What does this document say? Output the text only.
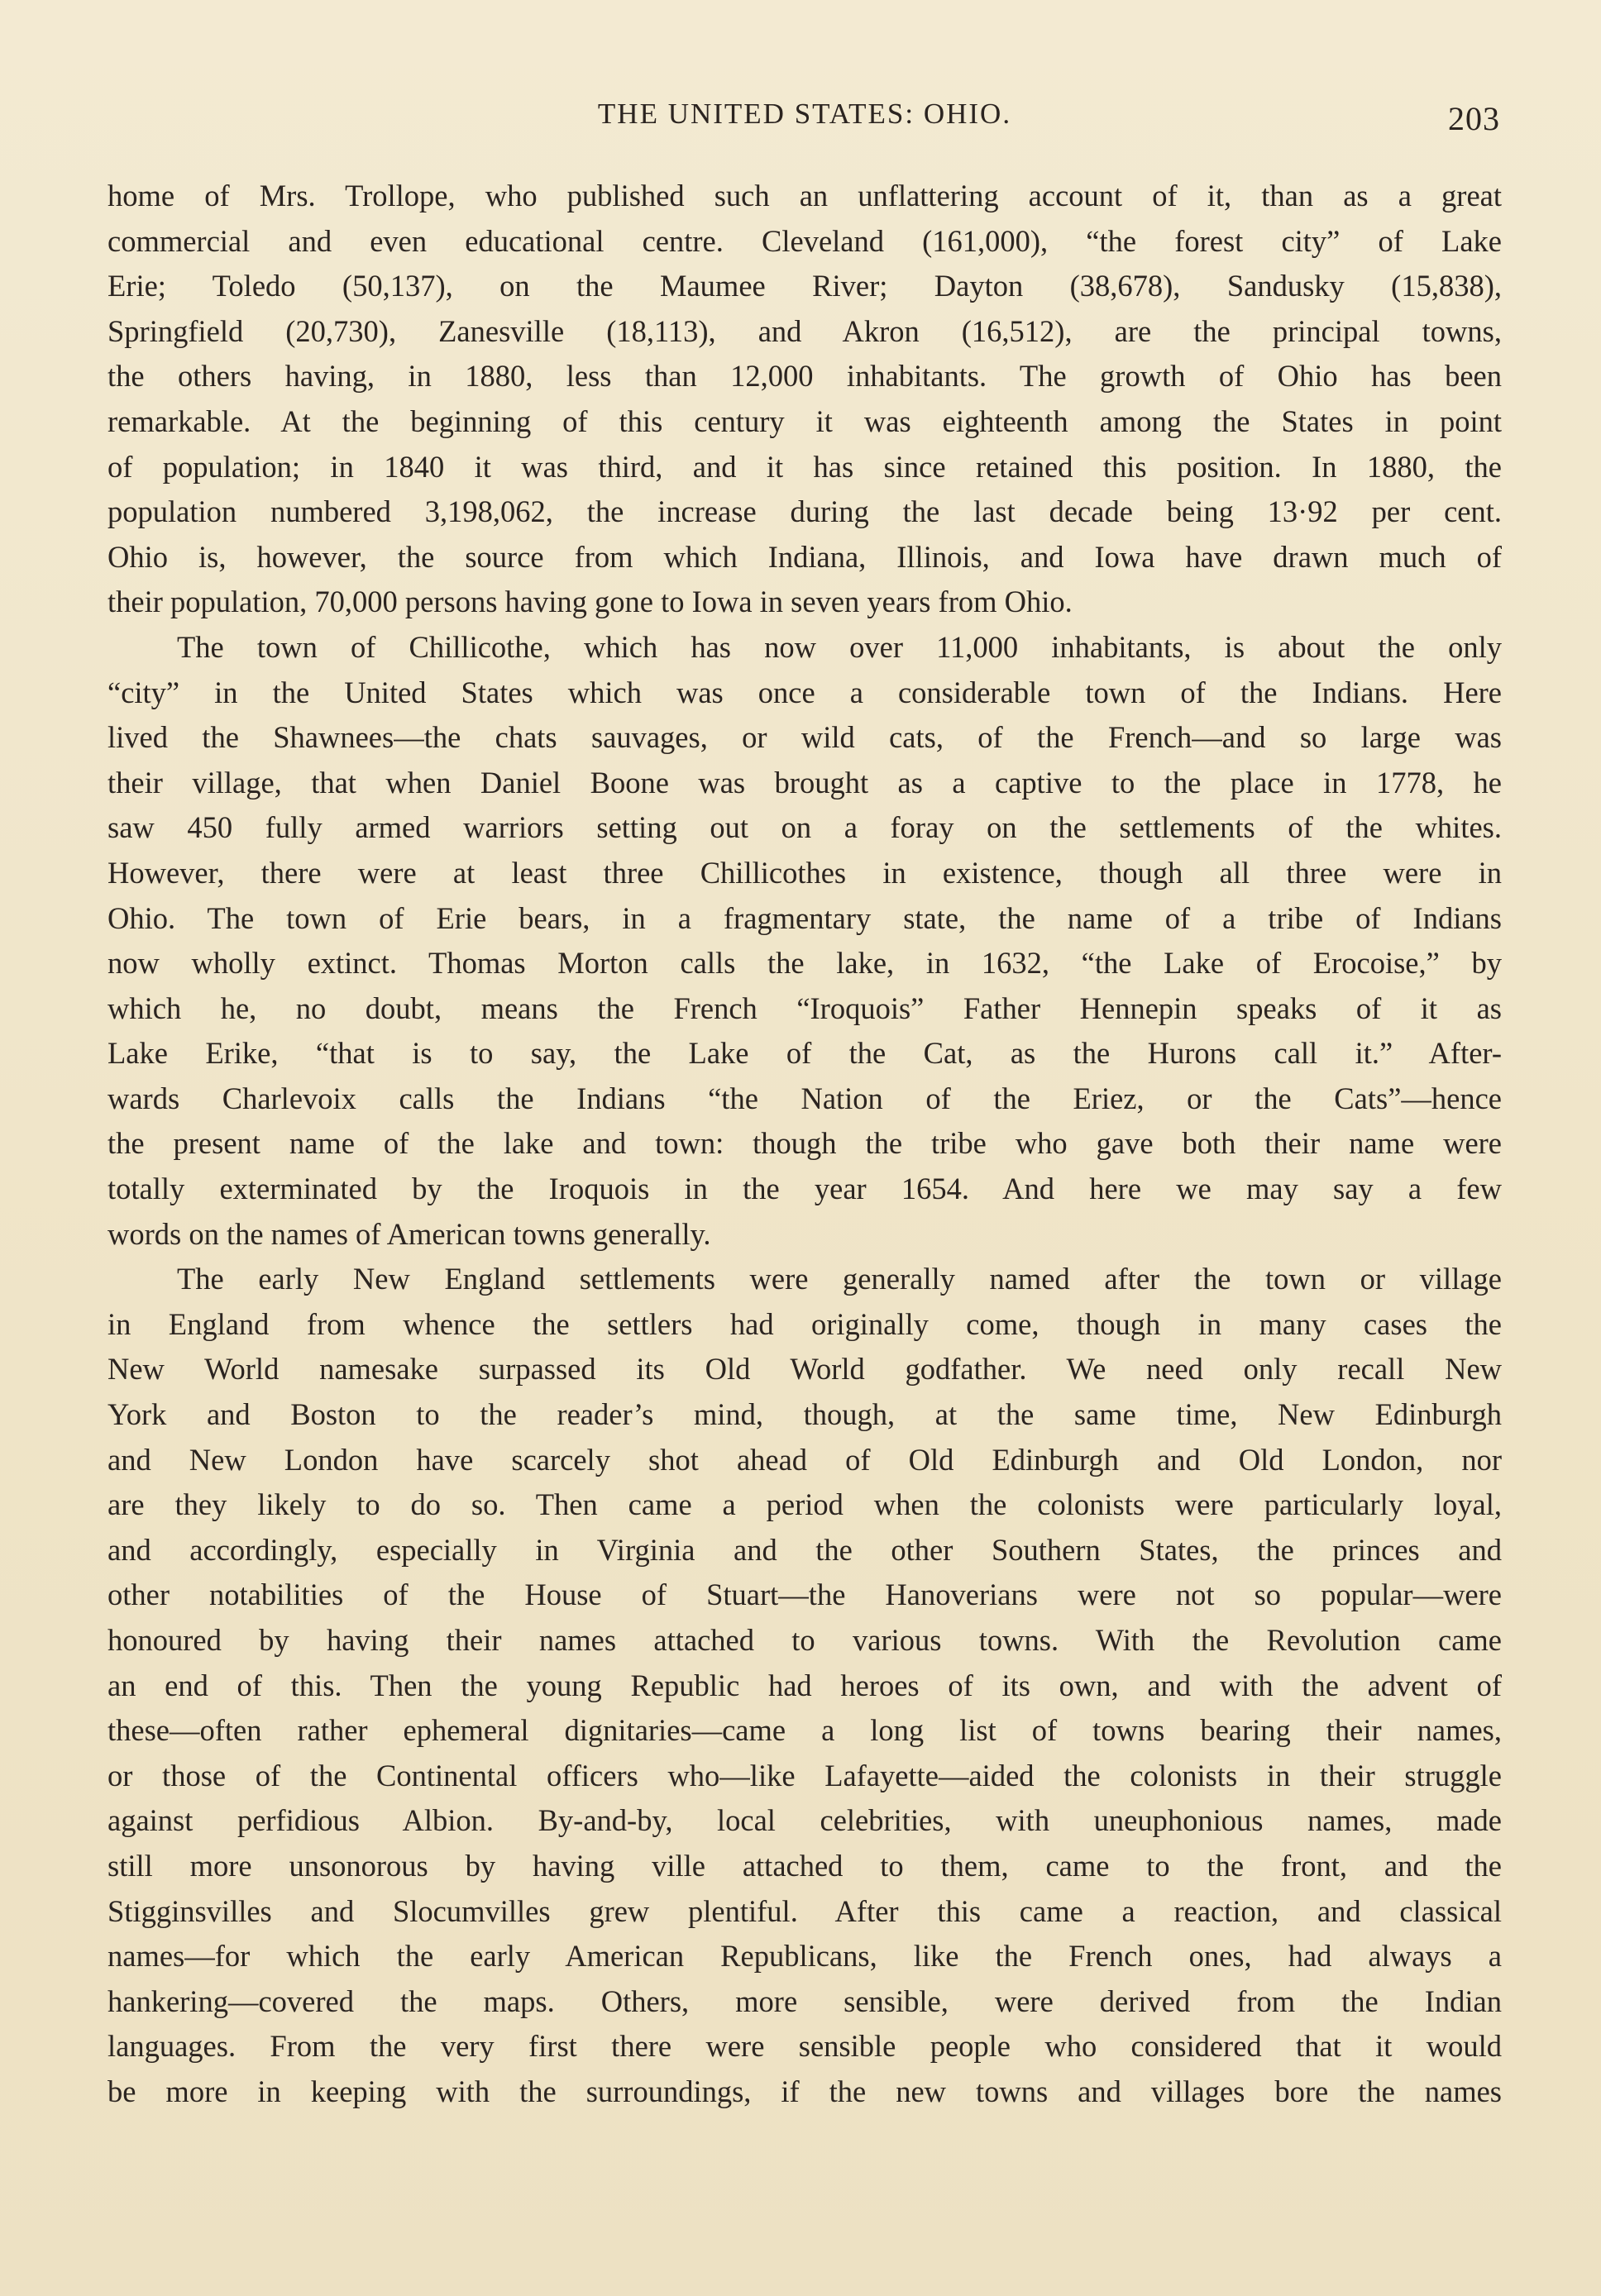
THE UNITED STATES: OHIO.	203
home of Mrs. Trollope, who published such an unflattering account of it, than as a great
commercial and even educational centre. Cleveland (161,000), “the forest city” of Lake
Erie; Toledo (50,137), on the Maumee River; Dayton (38,678), Sandusky (15,838),
Springfield (20,730), Zanesville (18,113), and Akron (16,512), are the principal towns,
the others having, in 1880, less than 12,000 inhabitants. The growth of Ohio has been
remarkable. At the beginning of this century it was eighteenth among the States in point
of population; in 1840 it was third, and it has since retained this position. In 1880, the
population numbered 3,198,062, the increase during the last decade being 13·92 per cent.
Ohio is, however, the source from which Indiana, Illinois, and Iowa have drawn much of
their population, 70,000 persons having gone to Iowa in seven years from Ohio.
The town of Chillicothe, which has now over 11,000 inhabitants, is about the only
“city” in the United States which was once a considerable town of the Indians. Here
lived the Shawnees—the chats sauvages, or wild cats, of the French—and so large was
their village, that when Daniel Boone was brought as a captive to the place in 1778, he
saw 450 fully armed warriors setting out on a foray on the settlements of the whites.
However, there were at least three Chillicothes in existence, though all three were in
Ohio. The town of Erie bears, in a fragmentary state, the name of a tribe of Indians
now wholly extinct. Thomas Morton calls the lake, in 1632, “the Lake of Erocoise,” by
which he, no doubt, means the French “Iroquois” Father Hennepin speaks of it as
Lake Erike, “that is to say, the Lake of the Cat, as the Hurons call it.” After-
wards Charlevoix calls the Indians “the Nation of the Eriez, or the Cats”—hence
the present name of the lake and town: though the tribe who gave both their name were
totally exterminated by the Iroquois in the year 1654. And here we may say a few
words on the names of American towns generally.
The early New England settlements were generally named after the town or village
in England from whence the settlers had originally come, though in many cases the
New World namesake surpassed its Old World godfather. We need only recall New
York and Boston to the reader’s mind, though, at the same time, New Edinburgh
and New London have scarcely shot ahead of Old Edinburgh and Old London, nor
are they likely to do so. Then came a period when the colonists were particularly loyal,
and accordingly, especially in Virginia and the other Southern States, the princes and
other notabilities of the House of Stuart—the Hanoverians were not so popular—were
honoured by having their names attached to various towns. With the Revolution came
an end of this. Then the young Republic had heroes of its own, and with the advent of
these—often rather ephemeral dignitaries—came a long list of towns bearing their names,
or those of the Continental officers who—like Lafayette—aided the colonists in their struggle
against perfidious Albion. By-and-by, local celebrities, with uneuphonious names, made
still more unsonorous by having ville attached to them, came to the front, and the
Stigginsvilles and Slocumvilles grew plentiful. After this came a reaction, and classical
names—for which the early American Republicans, like the French ones, had always a
hankering—covered the maps. Others, more sensible, were derived from the Indian
languages. From the very first there were sensible people who considered that it would
be more in keeping with the surroundings, if the new towns and villages bore the names
